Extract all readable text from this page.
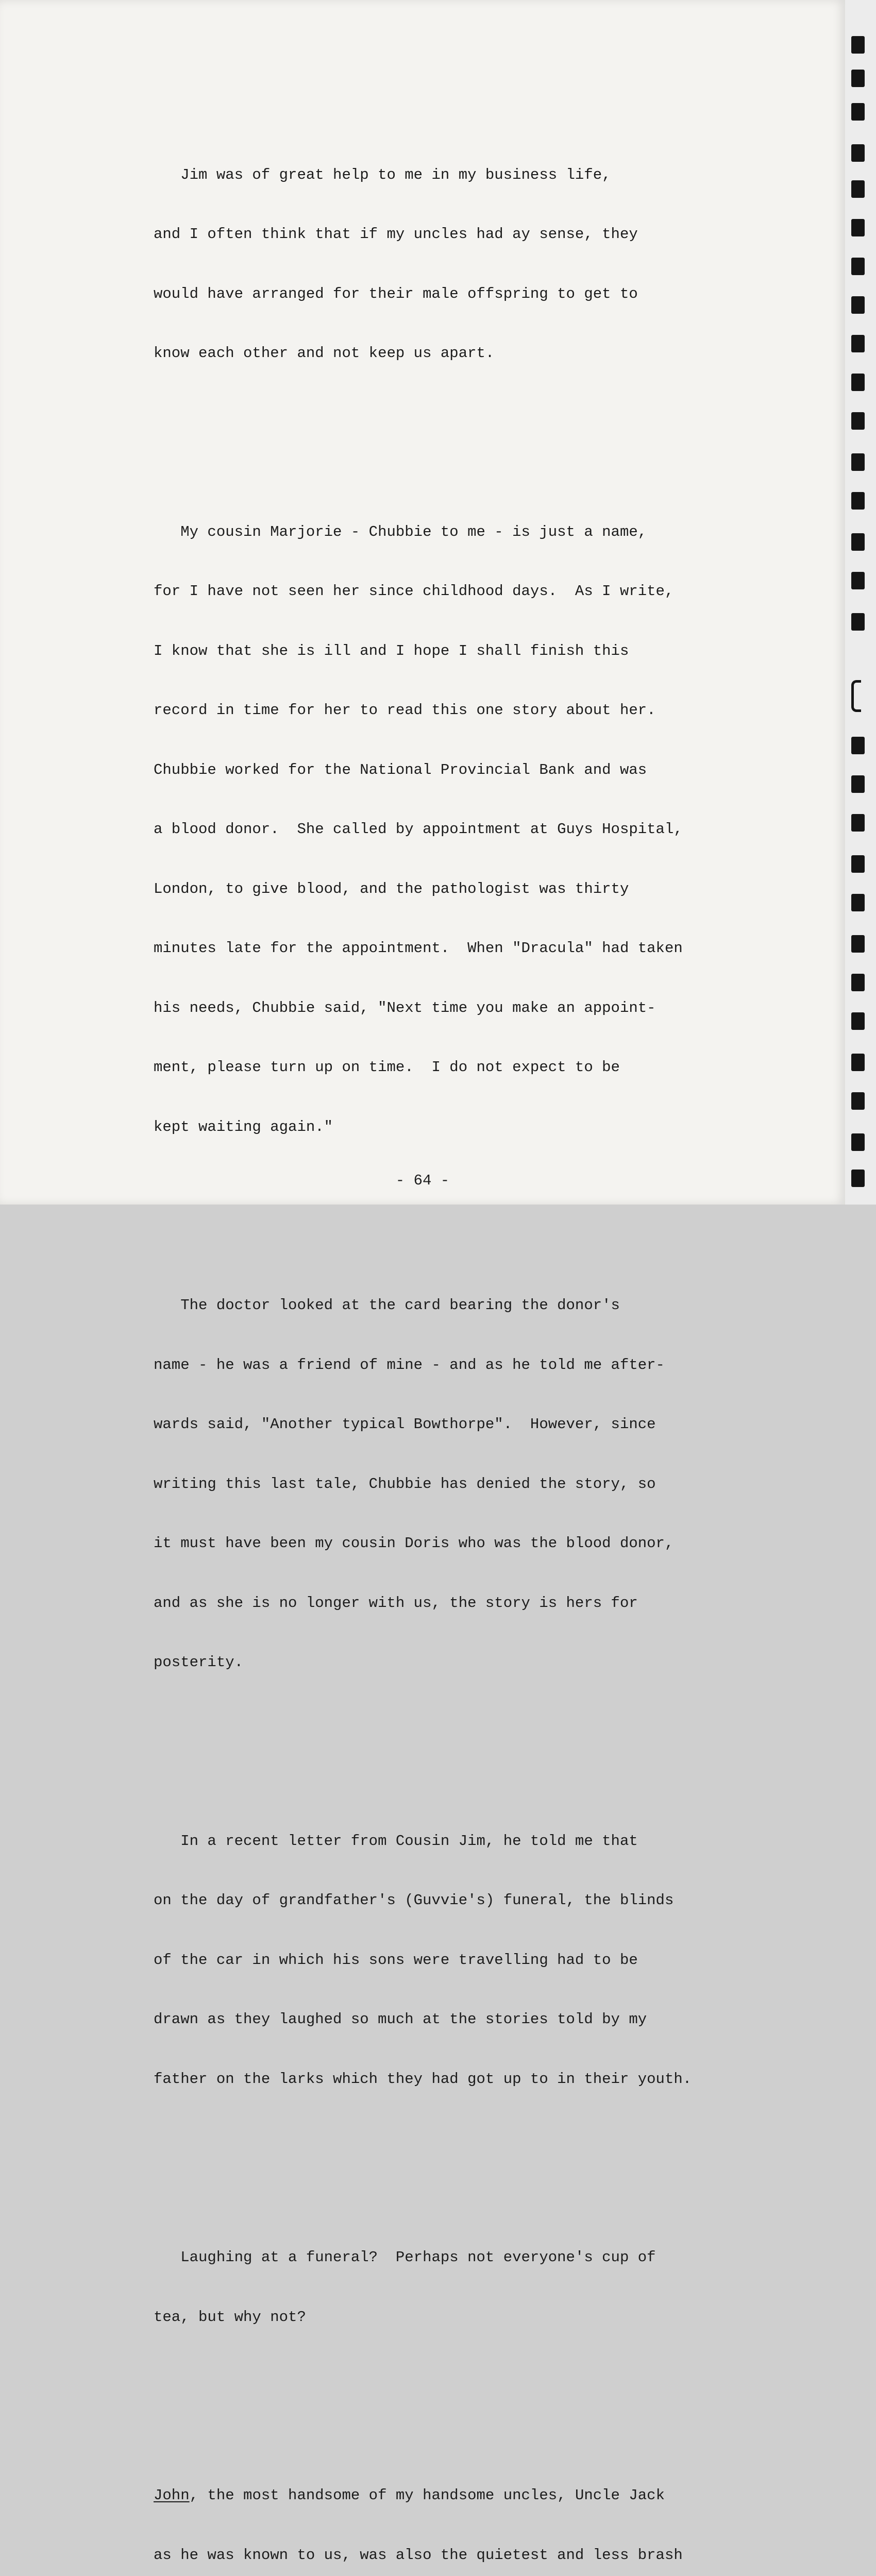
Jim was of great help to me in my business life,

and I often think that if my uncles had ay sense, they

would have arranged for their male offspring to get to

know each other and not keep us apart.

My cousin Marjorie - Chubbie to me - is just a name,

for I have not seen her since childhood days.  As I write,

I know that she is ill and I hope I shall finish this

record in time for her to read this one story about her.

Chubbie worked for the National Provincial Bank and was

a blood donor.  She called by appointment at Guys Hospital,

London, to give blood, and the pathologist was thirty

minutes late for the appointment.  When "Dracula" had taken

his needs, Chubbie said, "Next time you make an appoint-

ment, please turn up on time.  I do not expect to be

kept waiting again."

The doctor looked at the card bearing the donor's

name - he was a friend of mine - and as he told me after-

wards said, "Another typical Bowthorpe".  However, since

writing this last tale, Chubbie has denied the story, so

it must have been my cousin Doris who was the blood donor,

and as she is no longer with us, the story is hers for

posterity.

In a recent letter from Cousin Jim, he told me that

on the day of grandfather's (Guvvie's) funeral, the blinds

of the car in which his sons were travelling had to be

drawn as they laughed so much at the stories told by my

father on the larks which they had got up to in their youth.

Laughing at a funeral?  Perhaps not everyone's cup of

tea, but why not?

John, the most handsome of my handsome uncles, Uncle Jack

as he was known to us, was also the quietest and less brash

- 64 -
